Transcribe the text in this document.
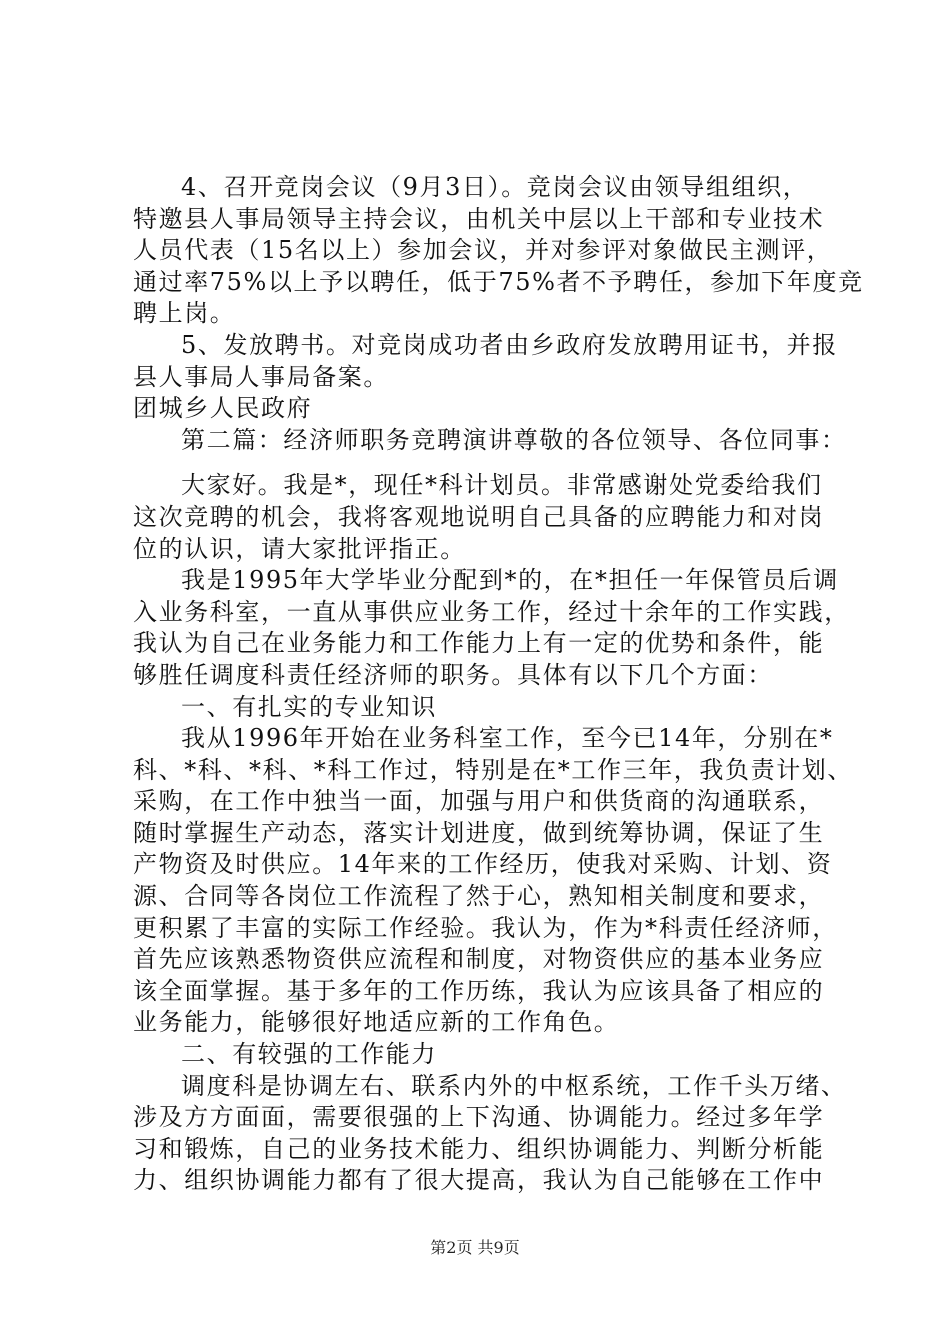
4、召开竞岗会议（9月3日）。竞岗会议由领导组组织，
特邀县人事局领导主持会议，由机关中层以上干部和专业技术
人员代表（15名以上）参加会议，并对参评对象做民主测评，
通过率75%以上予以聘任，低于75%者不予聘任，参加下年度竞
聘上岗。
5、发放聘书。对竞岗成功者由乡政府发放聘用证书，并报
县人事局人事局备案。
团城乡人民政府
第二篇：经济师职务竞聘演讲尊敬的各位领导、各位同事：
大家好。我是*，现任*科计划员。非常感谢处党委给我们
这次竞聘的机会，我将客观地说明自己具备的应聘能力和对岗
位的认识，请大家批评指正。
我是1995年大学毕业分配到*的，在*担任一年保管员后调
入业务科室，一直从事供应业务工作，经过十余年的工作实践，
我认为自己在业务能力和工作能力上有一定的优势和条件，能
够胜任调度科责任经济师的职务。具体有以下几个方面：
一、有扎实的专业知识
我从1996年开始在业务科室工作，至今已14年，分别在*
科、*科、*科、*科工作过，特别是在*工作三年，我负责计划、
采购，在工作中独当一面，加强与用户和供货商的沟通联系，
随时掌握生产动态，落实计划进度，做到统筹协调，保证了生
产物资及时供应。14年来的工作经历，使我对采购、计划、资
源、合同等各岗位工作流程了然于心，熟知相关制度和要求，
更积累了丰富的实际工作经验。我认为，作为*科责任经济师，
首先应该熟悉物资供应流程和制度，对物资供应的基本业务应
该全面掌握。基于多年的工作历练，我认为应该具备了相应的
业务能力，能够很好地适应新的工作角色。
二、有较强的工作能力
调度科是协调左右、联系内外的中枢系统，工作千头万绪、
涉及方方面面，需要很强的上下沟通、协调能力。经过多年学
习和锻炼，自己的业务技术能力、组织协调能力、判断分析能
力、组织协调能力都有了很大提高，我认为自己能够在工作中
第2页 共9页
